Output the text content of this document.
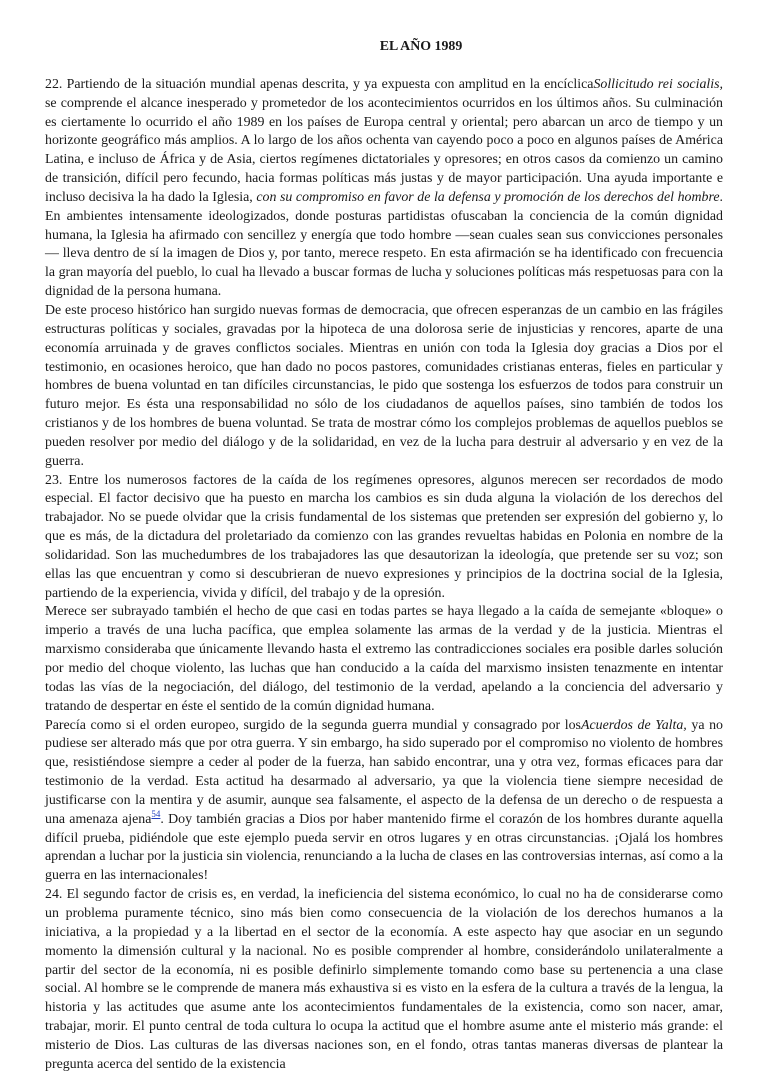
EL AÑO 1989

22. Partiendo de la situación mundial apenas descrita, y ya expuesta con amplitud en la encíclicaSollicitudo rei socialis, se comprende el alcance inesperado y prometedor de los acontecimientos ocurridos en los últimos años. Su culminación es ciertamente lo ocurrido el año 1989 en los países de Europa central y oriental; pero abarcan un arco de tiempo y un horizonte geográfico más amplios. A lo largo de los años ochenta van cayendo poco a poco en algunos países de América Latina, e incluso de África y de Asia, ciertos regímenes dictatoriales y opresores; en otros casos da comienzo un camino de transición, difícil pero fecundo, hacia formas políticas más justas y de mayor participación. Una ayuda importante e incluso decisiva la ha dado la Iglesia, con su compromiso en favor de la defensa y promoción de los derechos del hombre. En ambientes intensamente ideologizados, donde posturas partidistas ofuscaban la conciencia de la común dignidad humana, la Iglesia ha afirmado con sencillez y energía que todo hombre —sean cuales sean sus convicciones personales— lleva dentro de sí la imagen de Dios y, por tanto, merece respeto. En esta afirmación se ha identificado con frecuencia la gran mayoría del pueblo, lo cual ha llevado a buscar formas de lucha y soluciones políticas más respetuosas para con la dignidad de la persona humana.

De este proceso histórico han surgido nuevas formas de democracia, que ofrecen esperanzas de un cambio en las frágiles estructuras políticas y sociales, gravadas por la hipoteca de una dolorosa serie de injusticias y rencores, aparte de una economía arruinada y de graves conflictos sociales. Mientras en unión con toda la Iglesia doy gracias a Dios por el testimonio, en ocasiones heroico, que han dado no pocos pastores, comunidades cristianas enteras, fieles en particular y hombres de buena voluntad en tan difíciles circunstancias, le pido que sostenga los esfuerzos de todos para construir un futuro mejor. Es ésta una responsabilidad no sólo de los ciudadanos de aquellos países, sino también de todos los cristianos y de los hombres de buena voluntad. Se trata de mostrar cómo los complejos problemas de aquellos pueblos se pueden resolver por medio del diálogo y de la solidaridad, en vez de la lucha para destruir al adversario y en vez de la guerra.

23. Entre los numerosos factores de la caída de los regímenes opresores, algunos merecen ser recordados de modo especial. El factor decisivo que ha puesto en marcha los cambios es sin duda alguna la violación de los derechos del trabajador. No se puede olvidar que la crisis fundamental de los sistemas que pretenden ser expresión del gobierno y, lo que es más, de la dictadura del proletariado da comienzo con las grandes revueltas habidas en Polonia en nombre de la solidaridad. Son las muchedumbres de los trabajadores las que desautorizan la ideología, que pretende ser su voz; son ellas las que encuentran y como si descubrieran de nuevo expresiones y principios de la doctrina social de la Iglesia, partiendo de la experiencia, vivida y difícil, del trabajo y de la opresión.

Merece ser subrayado también el hecho de que casi en todas partes se haya llegado a la caída de semejante «bloque» o imperio a través de una lucha pacífica, que emplea solamente las armas de la verdad y de la justicia. Mientras el marxismo consideraba que únicamente llevando hasta el extremo las contradicciones sociales era posible darles solución por medio del choque violento, las luchas que han conducido a la caída del marxismo insisten tenazmente en intentar todas las vías de la negociación, del diálogo, del testimonio de la verdad, apelando a la conciencia del adversario y tratando de despertar en éste el sentido de la común dignidad humana.

Parecía como si el orden europeo, surgido de la segunda guerra mundial y consagrado por losAcuerdos de Yalta, ya no pudiese ser alterado más que por otra guerra. Y sin embargo, ha sido superado por el compromiso no violento de hombres que, resistiéndose siempre a ceder al poder de la fuerza, han sabido encontrar, una y otra vez, formas eficaces para dar testimonio de la verdad. Esta actitud ha desarmado al adversario, ya que la violencia tiene siempre necesidad de justificarse con la mentira y de asumir, aunque sea falsamente, el aspecto de la defensa de un derecho o de respuesta a una amenaza ajena$^{54}$. Doy también gracias a Dios por haber mantenido firme el corazón de los hombres durante aquella difícil prueba, pidiéndole que este ejemplo pueda servir en otros lugares y en otras circunstancias. ¡Ojalá los hombres aprendan a luchar por la justicia sin violencia, renunciando a la lucha de clases en las controversias internas, así como a la guerra en las internacionales!

24. El segundo factor de crisis es, en verdad, la ineficiencia del sistema económico, lo cual no ha de considerarse como un problema puramente técnico, sino más bien como consecuencia de la violación de los derechos humanos a la iniciativa, a la propiedad y a la libertad en el sector de la economía. A este aspecto hay que asociar en un segundo momento la dimensión cultural y la nacional. No es posible comprender al hombre, considerándolo unilateralmente a partir del sector de la economía, ni es posible definirlo simplemente tomando como base su pertenencia a una clase social. Al hombre se le comprende de manera más exhaustiva si es visto en la esfera de la cultura a través de la lengua, la historia y las actitudes que asume ante los acontecimientos fundamentales de la existencia, como son nacer, amar, trabajar, morir. El punto central de toda cultura lo ocupa la actitud que el hombre asume ante el misterio más grande: el misterio de Dios. Las culturas de las diversas naciones son, en el fondo, otras tantas maneras diversas de plantear la pregunta acerca del sentido de la existencia
